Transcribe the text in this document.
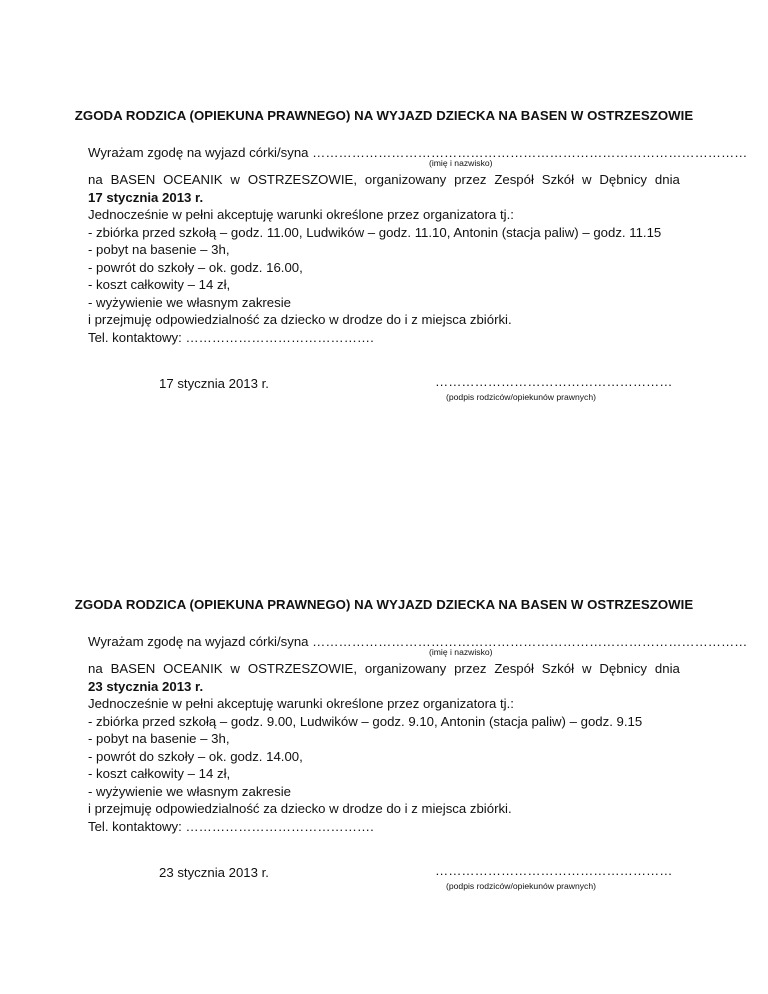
ZGODA RODZICA (OPIEKUNA PRAWNEGO) NA WYJAZD DZIECKA NA BASEN W OSTRZESZOWIE
Wyrażam zgodę na wyjazd córki/syna ………………………………………………………………………………………
(imię i nazwisko)
na BASEN OCEANIK w OSTRZESZOWIE, organizowany przez Zespół Szkół w Dębnicy dnia
17 stycznia 2013 r.
Jednocześnie w pełni akceptuję warunki określone przez organizatora tj.:
- zbiórka przed szkołą – godz. 11.00, Ludwików – godz. 11.10, Antonin (stacja paliw) – godz. 11.15
- pobyt na basenie – 3h,
- powrót do szkoły – ok. godz. 16.00,
- koszt całkowity – 14 zł,
- wyżywienie we własnym zakresie
i przejmuję odpowiedzialność za dziecko w drodze do i z miejsca zbiórki.
Tel. kontaktowy: …………………………………….
17 stycznia 2013 r.	………………………………………………
(podpis rodziców/opiekunów prawnych)
ZGODA RODZICA (OPIEKUNA PRAWNEGO) NA WYJAZD DZIECKA NA BASEN W OSTRZESZOWIE
Wyrażam zgodę na wyjazd córki/syna ………………………………………………………………………………………
(imię i nazwisko)
na BASEN OCEANIK w OSTRZESZOWIE, organizowany przez Zespół Szkół w Dębnicy dnia
23 stycznia 2013 r.
Jednocześnie w pełni akceptuję warunki określone przez organizatora tj.:
- zbiórka przed szkołą – godz. 9.00, Ludwików – godz. 9.10, Antonin (stacja paliw) – godz. 9.15
- pobyt na basenie – 3h,
- powrót do szkoły – ok. godz. 14.00,
- koszt całkowity – 14 zł,
- wyżywienie we własnym zakresie
i przejmuję odpowiedzialność za dziecko w drodze do i z miejsca zbiórki.
Tel. kontaktowy: …………………………………….
23 stycznia 2013 r.	………………………………………………
(podpis rodziców/opiekunów prawnych)
